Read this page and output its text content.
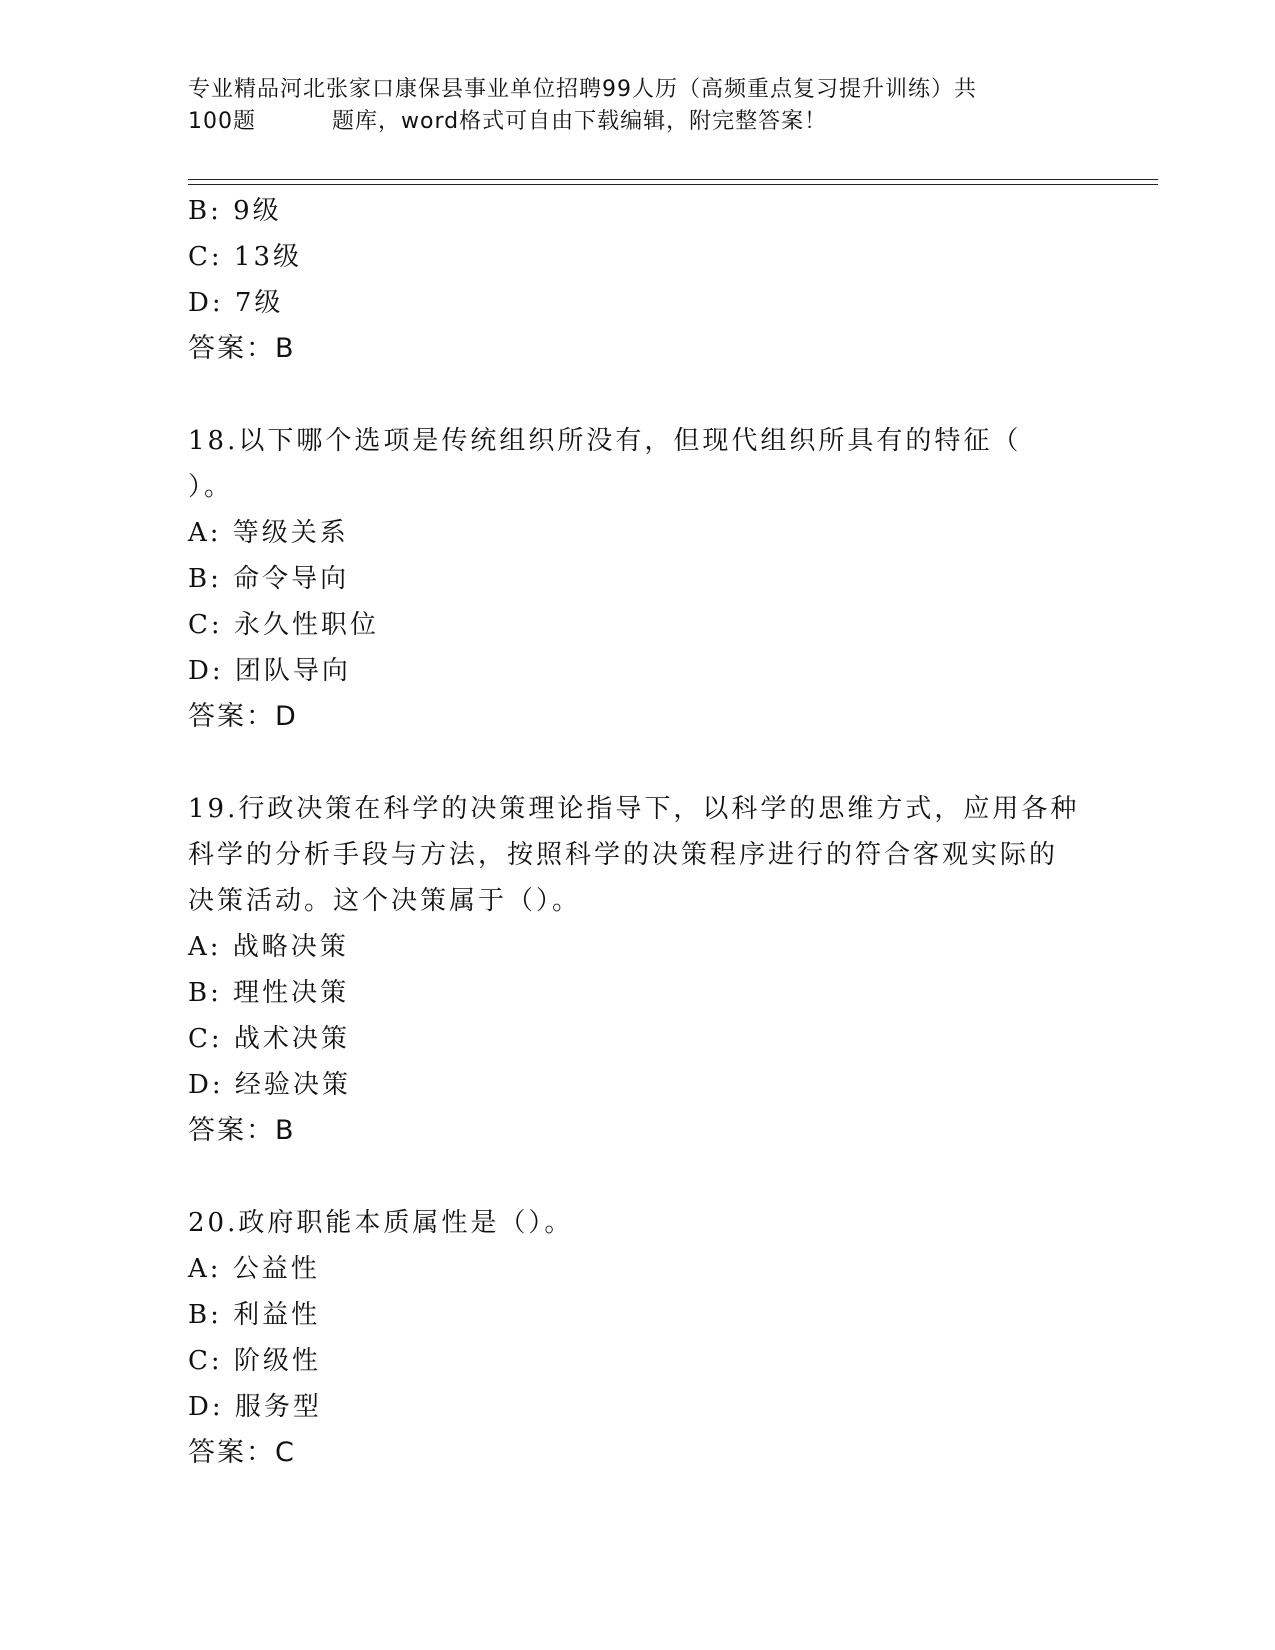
专业精品河北张家口康保县事业单位招聘99人历（高频重点复习提升训练）共
100题	题库，word格式可自由下载编辑，附完整答案！
B: 9级
C: 13级
D: 7级
答案：B
18.以下哪个选项是传统组织所没有，但现代组织所具有的特征（
）。
A: 等级关系
B: 命令导向
C: 永久性职位
D: 团队导向
答案：D
19.行政决策在科学的决策理论指导下，以科学的思维方式，应用各种
科学的分析手段与方法，按照科学的决策程序进行的符合客观实际的
决策活动。这个决策属于（）。
A: 战略决策
B: 理性决策
C: 战术决策
D: 经验决策
答案：B
20.政府职能本质属性是（）。
A: 公益性
B: 利益性
C: 阶级性
D: 服务型
答案：C
